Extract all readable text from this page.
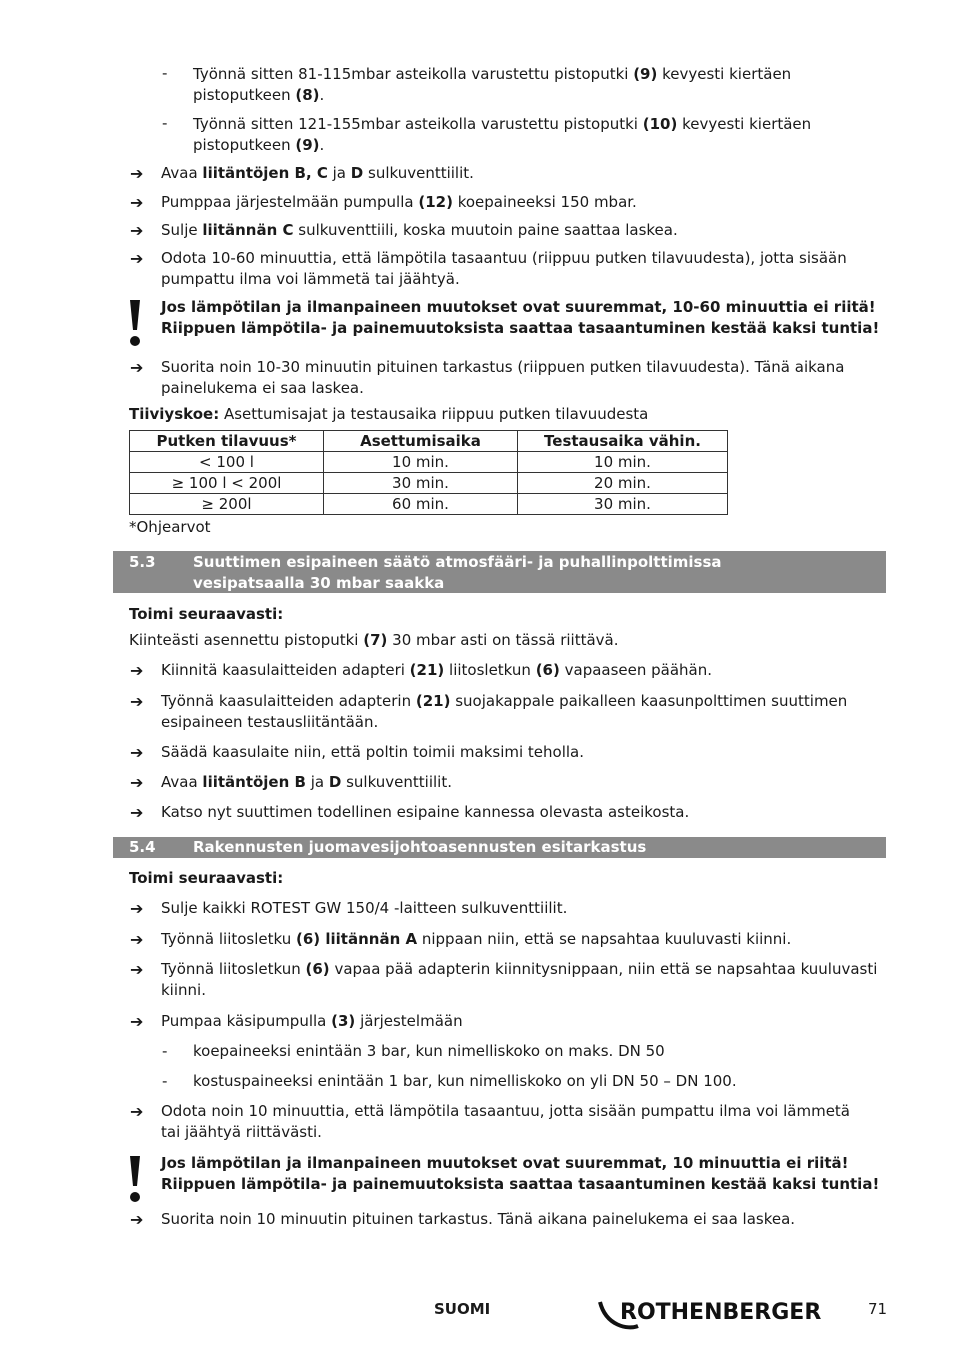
- Työnnä sitten 81-115mbar asteikolla varustettu pistoputki (9) kevyesti kiertäen
pistoputkeen (8).
- Työnnä sitten 121-155mbar asteikolla varustettu pistoputki (10) kevyesti kiertäen
pistoputkeen (9).
➔ Avaa liitäntöjen B, C ja D sulkuventtiilit.
➔ Pumppaa järjestelmään pumpulla (12) koepaineeksi 150 mbar.
➔ Sulje liitännän C sulkuventtiili, koska muutoin paine saattaa laskea.
➔ Odota 10-60 minuuttia, että lämpötila tasaantuu (riippuu putken tilavuudesta), jotta sisään
pumpattu ilma voi lämmetä tai jäähtyä.
Jos lämpötilan ja ilmanpaineen muutokset ovat suuremmat, 10-60 minuuttia ei riitä!
Riippuen lämpötila- ja painemuutoksista saattaa tasaantuminen kestää kaksi tuntia!
➔ Suorita noin 10-30 minuutin pituinen tarkastus (riippuen putken tilavuudesta). Tänä aikana
painelukema ei saa laskea.
Tiiviyskoe: Asettumisajat ja testausaika riippuu putken tilavuudesta
Putken tilavuus*	Asettumisaika	Testausaika vähin.
< 100 l	10 min.	10 min.
≥ 100 l < 200l	30 min.	20 min.
≥ 200l	60 min.	30 min.
*Ohjearvot
5.3 Suuttimen esipaineen säätö atmosfääri- ja puhallinpolttimissa
vesipatsaalla 30 mbar saakka
Toimi seuraavasti:
Kiinteästi asennettu pistoputki (7) 30 mbar asti on tässä riittävä.
➔ Kiinnitä kaasulaitteiden adapteri (21) liitosletkun (6) vapaaseen päähän.
➔ Työnnä kaasulaitteiden adapterin (21) suojakappale paikalleen kaasunpolttimen suuttimen
esipaineen testausliitäntään.
➔ Säädä kaasulaite niin, että poltin toimii maksimi teholla.
➔ Avaa liitäntöjen B ja D sulkuventtiilit.
➔ Katso nyt suuttimen todellinen esipaine kannessa olevasta asteikosta.
5.4 Rakennusten juomavesijohtoasennusten esitarkastus
Toimi seuraavasti:
➔ Sulje kaikki ROTEST GW 150/4 -laitteen sulkuventtiilit.
➔ Työnnä liitosletku (6) liitännän A nippaan niin, että se napsahtaa kuuluvasti kiinni.
➔ Työnnä liitosletkun (6) vapaa pää adapterin kiinnitysnippaan, niin että se napsahtaa kuuluvasti
kiinni.
➔ Pumpaa käsipumpulla (3) järjestelmään
- koepaineeksi enintään 3 bar, kun nimelliskoko on maks. DN 50
- kostuspaineeksi enintään 1 bar, kun nimelliskoko on yli DN 50 – DN 100.
➔ Odota noin 10 minuuttia, että lämpötila tasaantuu, jotta sisään pumpattu ilma voi lämmetä
tai jäähtyä riittävästi.
Jos lämpötilan ja ilmanpaineen muutokset ovat suuremmat, 10 minuuttia ei riitä!
Riippuen lämpötila- ja painemuutoksista saattaa tasaantuminen kestää kaksi tuntia!
➔ Suorita noin 10 minuutin pituinen tarkastus. Tänä aikana painelukema ei saa laskea.
SUOMI	ROTHENBERGER	71
